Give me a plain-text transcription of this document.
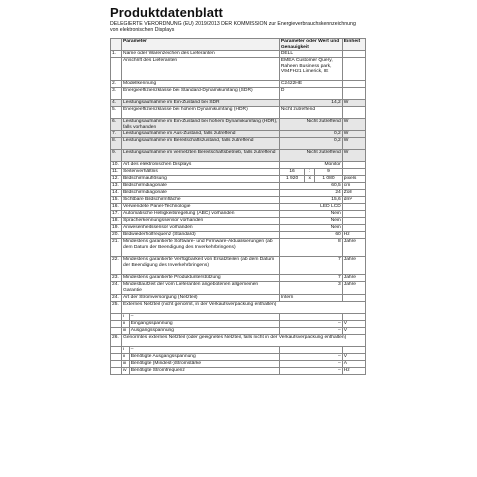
Produktdatenblatt
DELEGIERTE VERORDNUNG (EU) 2019/2013 DER KOMMISSION zur Energieverbrauchskennzeichnung von elektronischen Displays
	Parameter		Parameter oder Wert und Genauigkeit			Einheit
1.	Name oder Warenzeichen des Lieferanten		DELL			
	Anschrift des Lieferanten		EMEA Customer Query, Raheen Business park, V94FH21 Limerick, IE			
2.	Modellkennung		C2422HE			
3.	Energieeffizienzklasse bei Standard-Dynamikumfang (SDR)		D			
4.	Leistungsaufnahme im Ein-Zustand bei SDR		14,2			W
5.	Energieeffizienzklasse bei hohem Dynamikumfang (HDR)		Nicht zutreffend			
6.	Leistungsaufnahme im Ein-Zustand bei hohem Dynamikumfang (HDR), falls vorhanden		Nicht zutreffend			W
7.	Leistungsaufnahme im Aus-Zustand, falls zutreffend		0,2			W
8.	Leistungsaufnahme im Bereitschaftszustand, falls zutreffend		0,2			W
9.	Leistungsaufnahme im vernetzten Bereitschaftsbetrieb, falls zutreffend		Nicht zutreffend			W
10.	Art des elektronischen Displays		Monitor			
11.	Seitenverhältnis		16	:	9	
12.	Bildschirmauflösung		1 920	x	1 080	pixels
13.	Bildschirmdiagonale		60,5			cm
14.	Bildschirmdiagonale		24			Zoll
15.	Sichtbare Bildschirmfläche		15,6			dm²
16.	Verwendete Panel-Technologie		LED LCD			
17.	Automatische Helligkeitsregelung (ABC) vorhanden		Nein			
18.	Spracherkennungssensor vorhanden		Nein			
19.	Anwesenheitssensor vorhanden		Nein			
20.	Bildwiederholfrequenz (Standard)		60			Hz
21.	Mindestens garantierte Software- und Firmware-Aktualisierungen (ab dem Datum der Beendigung des Inverkehrbringens)		8			Jahre
22.	Mindestens garantierte Verfügbarkeit von Ersatzteilen (ab dem Datum der Beendigung des Inverkehrbringens)		7			Jahre
23.	Mindestens garantierte Produktunterstützung		7			Jahre
24.	Mindestlaufzeit der vom Lieferanten angebotenen allgemeinen Garantie		3			Jahre
24.	Art der Stromversorgung (Netzteil)		Intern			
25.	Externes Netzteil (nicht genormt, in der Verkaufsverpackung enthalten)					
	i	–				
	ii	Eingangsspannung	–			V
	iii	Ausgangsspannung	–			V
26.	Genormtes externes Netzteil (oder geeignetes Netzteil, falls nicht in der Verkaufsverpackung enthalten)					
	i	–				
	ii	Benötigte Ausgangsspannung	–			V
	iii	Benötigte (Mindest-)Stromstärke	–			A
	iv	Benötigte Stromfrequenz	–			Hz
